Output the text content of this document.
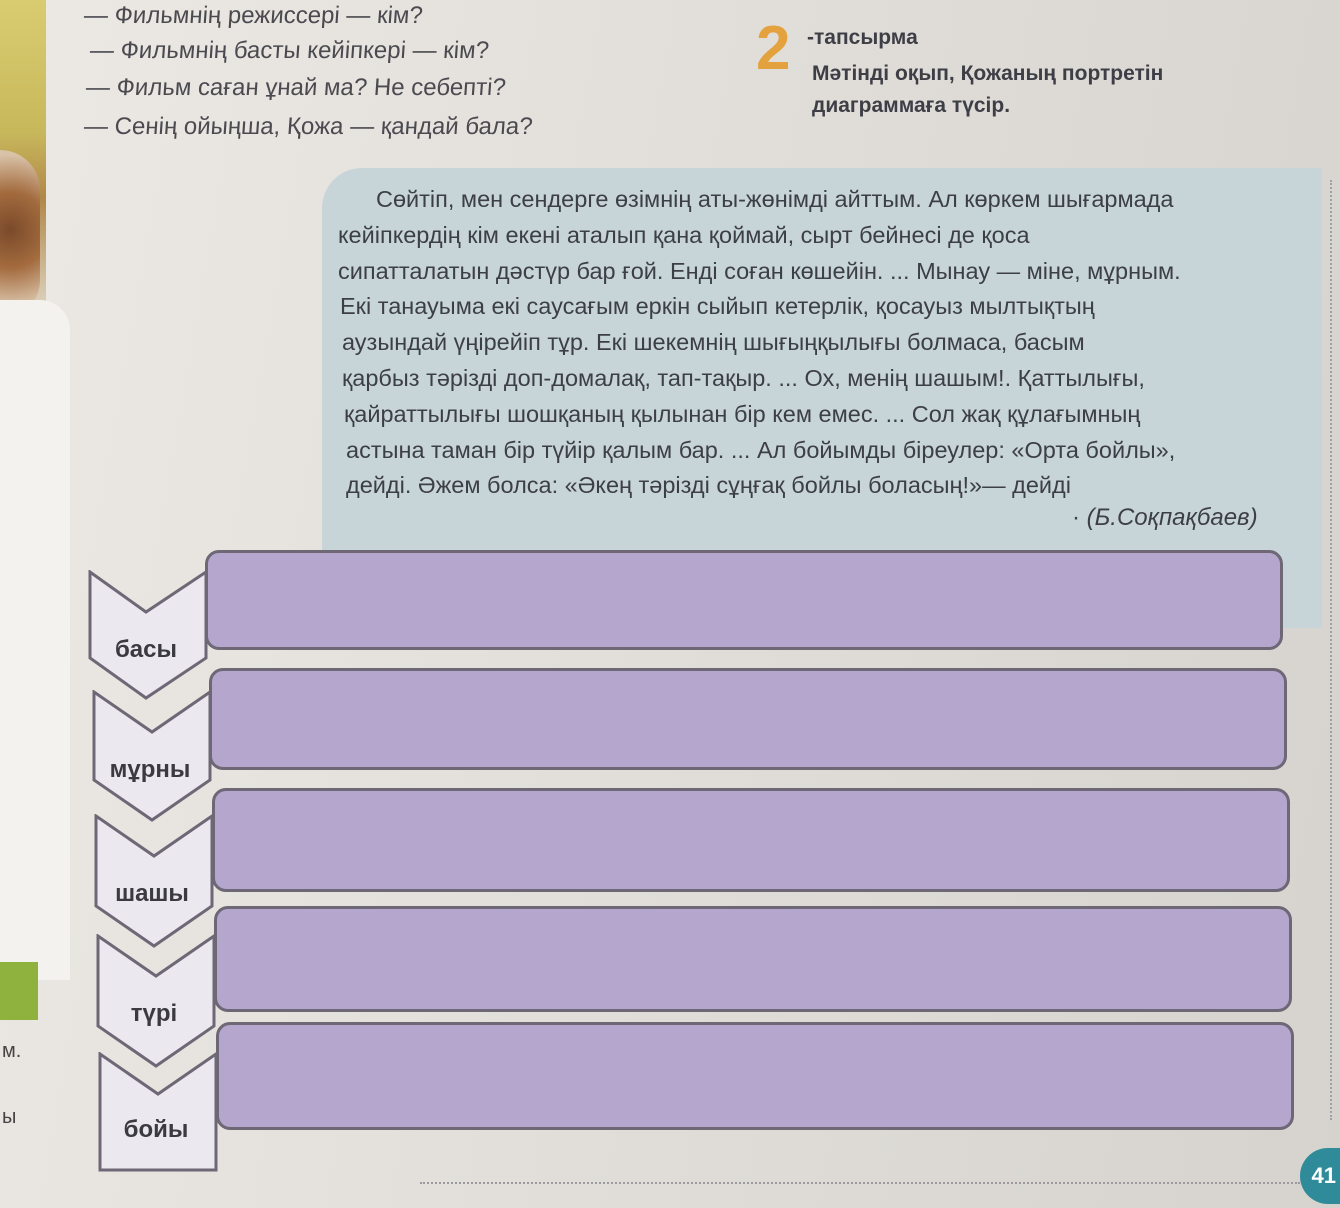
м.
ы
— Фильмнің режиссері — кім?
— Фильмнің басты кейіпкері — кім?
— Фильм саған ұнай ма? Не себепті?
— Сенің ойыңша, Қожа — қандай бала?
2 -тапсырма
Мәтінді оқып, Қожаның портретін
диаграммаға түсір.

Сөйтіп, мен сендерге өзімнің аты-жөнімді айттым. Ал көркем шығармада

кейіпкердің кім екені аталып қана қоймай, сырт бейнесі де қоса

сипатталатын дәстүр бар ғой. Енді соған көшейін. ... Мынау — міне, мұрным.

Екі танауыма екі саусағым еркін сыйып кетерлік, қосауыз мылтықтың

аузындай үңірейіп тұр. Екі шекемнің шығыңқылығы болмаса, басым

қарбыз тәрізді доп-домалақ, тап-тақыр. ... Ох, менің шашым!. Қаттылығы,

қайраттылығы шошқаның қылынан бір кем емес. ... Сол жақ құлағымның

астына таман бір түйір қалым бар. ... Ал бойымды біреулер: «Орта бойлы»,

дейді. Әжем болса: «Әкең тәрізді сұңғақ бойлы боласың!»— дейді

· (Б.Соқпақбаев)
басы
мұрны
шашы
түрі
бойы
41
